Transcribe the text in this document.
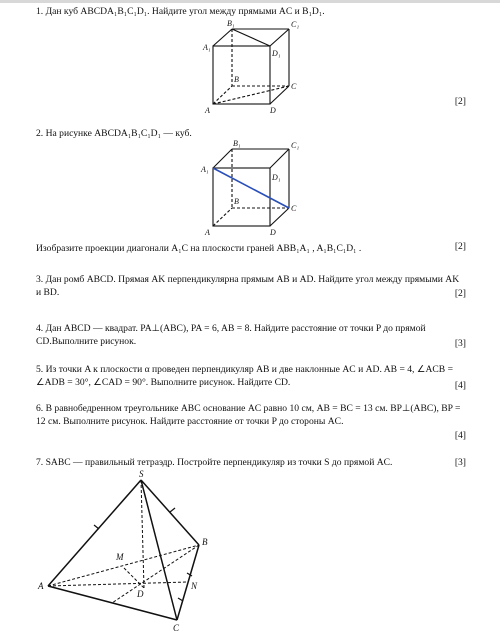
1. Дан куб ABCDA₁B₁C₁D₁. Найдите угол между прямыми AC и B₁D₁.
B₁	C₁
A₁
D₁
B
C
A	D
[2]
2. На рисунке ABCDA₁B₁C₁D₁ — куб.
B₁	C₁
A₁
D₁
B
C
A	D
Изобразите проекции диагонали A₁C на плоскости граней ABB₁A₁ , A₁B₁C₁D₁ .	[2]
3. Дан ромб ABCD. Прямая AK перпендикулярна прямым AB и AD. Найдите угол между прямыми AK и BD.	[2]
4. Дан ABCD — квадрат. PA⊥(ABC), PA = 6, AB = 8. Найдите расстояние от точки P до прямой CD.Выполните рисунок.	[3]
5. Из точки A к плоскости α проведен перпендикуляр AB и две наклонные AC и AD. AB = 4, ∠ACB = ∠ADB = 30°, ∠CAD = 90°. Выполните рисунок. Найдите CD.	[4]
6. В равнобедренном треугольнике ABC основание AC равно 10 см, AB = BC = 13 см. BP⊥(ABC), BP = 12 см. Выполните рисунок. Найдите расстояние от точки P до стороны AC.
[4]
7. SABC — правильный тетраэдр. Постройте перпендикуляр из точки S до прямой AC.	[3]
S
A
B
C
D
M
N
